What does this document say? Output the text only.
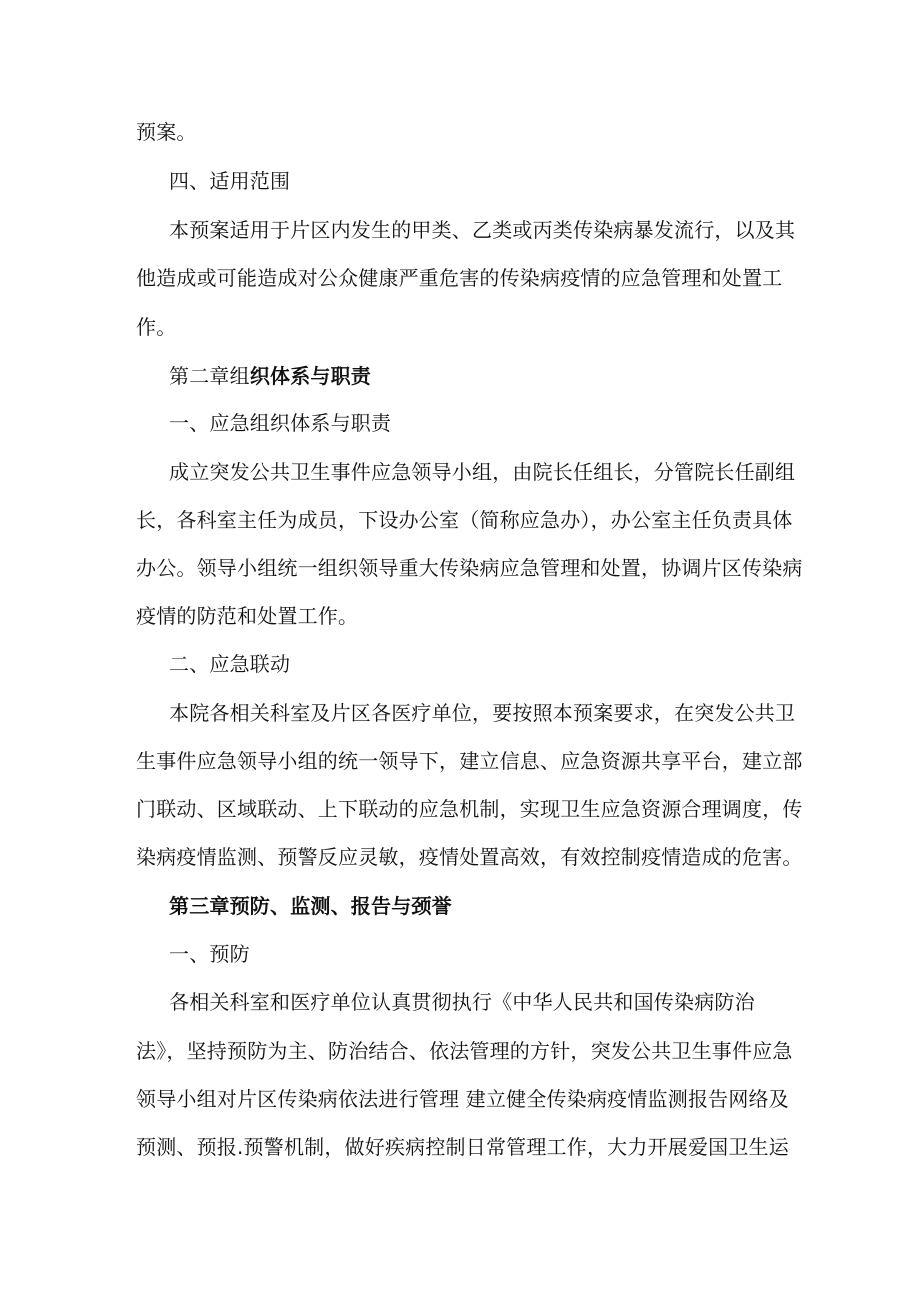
预案。
四、适用范围
本预案适用于片区内发生的甲类、乙类或丙类传染病暴发流行，以及其
他造成或可能造成对公众健康严重危害的传染病疫情的应急管理和处置工
作。
第二章组织体系与职责
一、应急组织体系与职责
成立突发公共卫生事件应急领导小组，由院长任组长，分管院长任副组
长，各科室主任为成员，下设办公室（简称应急办），办公室主任负责具体
办公。领导小组统一组织领导重大传染病应急管理和处置，协调片区传染病
疫情的防范和处置工作。
二、应急联动
本院各相关科室及片区各医疗单位，要按照本预案要求，在突发公共卫
生事件应急领导小组的统一领导下，建立信息、应急资源共享平台，建立部
门联动、区域联动、上下联动的应急机制，实现卫生应急资源合理调度，传
染病疫情监测、预警反应灵敏，疫情处置高效，有效控制疫情造成的危害。
第三章预防、监测、报告与颈誉
一、预防
各相关科室和医疗单位认真贯彻执行《中华人民共和国传染病防治
法》，坚持预防为主、防治结合、依法管理的方针，突发公共卫生事件应急
领导小组对片区传染病依法进行管理 建立健全传染病疫情监测报告网络及
预测、预报.预警机制，做好疾病控制日常管理工作，大力开展爱国卫生运
